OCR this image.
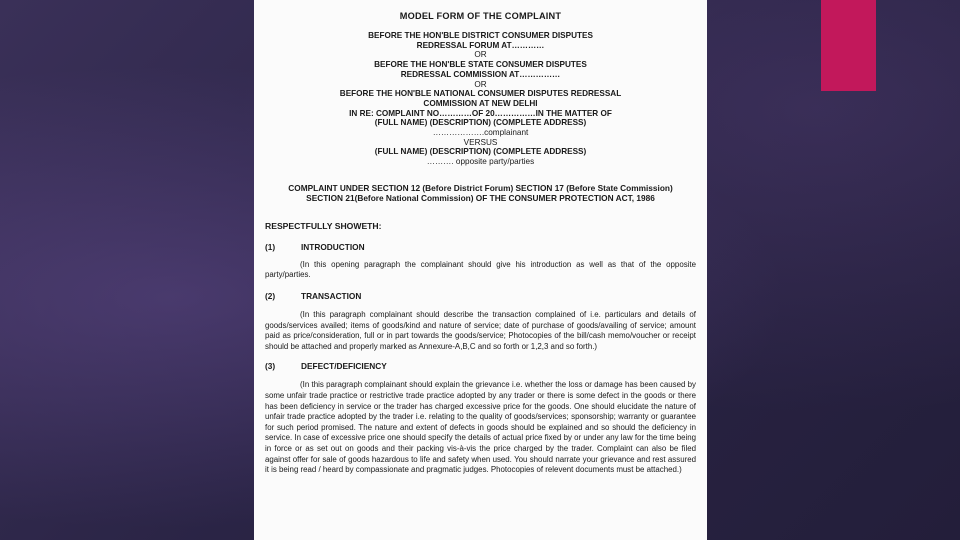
MODEL FORM OF THE COMPLAINT
BEFORE THE HON'BLE DISTRICT CONSUMER DISPUTES
REDRESSAL FORUM AT…………
OR
BEFORE THE HON'BLE STATE CONSUMER DISPUTES
REDRESSAL COMMISSION AT……………
OR
BEFORE THE HON'BLE NATIONAL CONSUMER DISPUTES REDRESSAL
COMMISSION AT NEW DELHI
IN RE: COMPLAINT NO…………OF 20……………IN THE MATTER OF
(FULL NAME) (DESCRIPTION) (COMPLETE ADDRESS)
……………….complainant
VERSUS
(FULL NAME) (DESCRIPTION) (COMPLETE ADDRESS)
………. opposite party/parties
COMPLAINT UNDER SECTION 12 (Before District Forum) SECTION 17 (Before State Commission) SECTION 21(Before National Commission) OF THE CONSUMER PROTECTION ACT, 1986
RESPECTFULLY SHOWETH:
(1)	INTRODUCTION
(In this opening paragraph the complainant should give his introduction as well as that of the opposite party/parties.
(2)	TRANSACTION
(In this paragraph complainant should describe the transaction complained of i.e. particulars and details of goods/services availed; items of goods/kind and nature of service; date of purchase of goods/availing of service; amount paid as price/consideration, full or in part towards the goods/service; Photocopies of the bill/cash memo/voucher or receipt should be attached and properly marked as Annexure-A,B,C and so forth or 1,2,3 and so forth.)
(3)	DEFECT/DEFICIENCY
(In this paragraph complainant should explain the grievance i.e. whether the loss or damage has been caused by some unfair trade practice or restrictive trade practice adopted by any trader or there is some defect in the goods or there has been deficiency in service or the trader has charged excessive price for the goods. One should elucidate the nature of unfair trade practice adopted by the trader i.e. relating to the quality of goods/services; sponsorship; warranty or guarantee for such period promised. The nature and extent of defects in goods should be explained and so should the deficiency in service. In case of excessive price one should specify the details of actual price fixed by or under any law for the time being in force or as set out on goods and their packing vis-à-vis the price charged by the trader. Complaint can also be filed against offer for sale of goods hazardous to life and safety when used. You should narrate your grievance and rest assured it is being read / heard by compassionate and pragmatic judges. Photocopies of relevent documents must be attached.)
